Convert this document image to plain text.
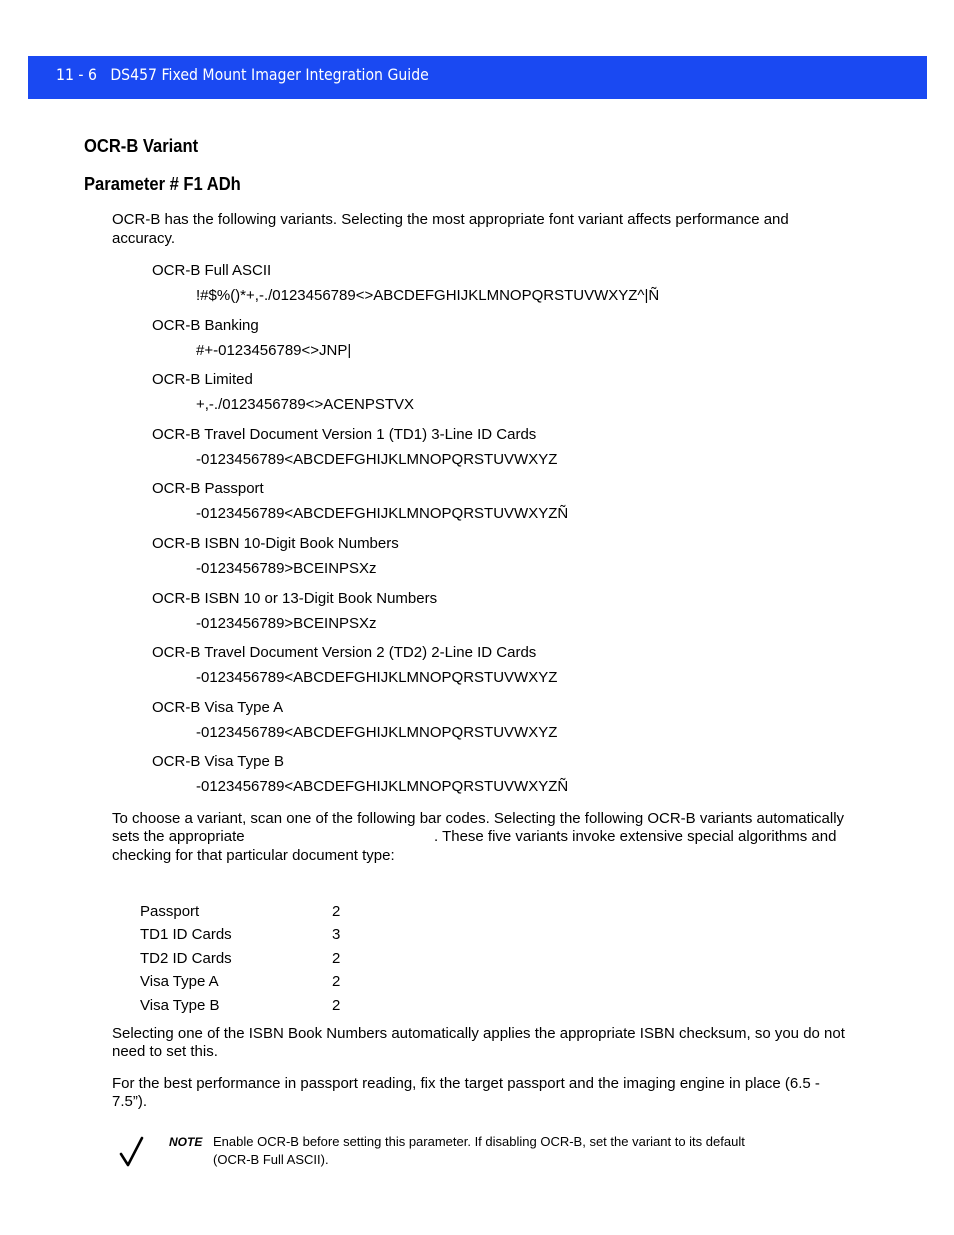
11 - 6 DS457 Fixed Mount Imager Integration Guide
OCR-B Variant
Parameter # F1 ADh
OCR-B has the following variants. Selecting the most appropriate font variant affects performance and
accuracy.
OCR-B Full ASCII
!#$%()*+,-./0123456789<>ABCDEFGHIJKLMNOPQRSTUVWXYZ^|Ñ
OCR-B Banking
#+-0123456789<>JNP|
OCR-B Limited
+,-./0123456789<>ACENPSTVX
OCR-B Travel Document Version 1 (TD1) 3-Line ID Cards
-0123456789<ABCDEFGHIJKLMNOPQRSTUVWXYZ
OCR-B Passport
-0123456789<ABCDEFGHIJKLMNOPQRSTUVWXYZÑ
OCR-B ISBN 10-Digit Book Numbers
-0123456789>BCEINPSXz
OCR-B ISBN 10 or 13-Digit Book Numbers
-0123456789>BCEINPSXz
OCR-B Travel Document Version 2 (TD2) 2-Line ID Cards
-0123456789<ABCDEFGHIJKLMNOPQRSTUVWXYZ
OCR-B Visa Type A
-0123456789<ABCDEFGHIJKLMNOPQRSTUVWXYZ
OCR-B Visa Type B
-0123456789<ABCDEFGHIJKLMNOPQRSTUVWXYZÑ
To choose a variant, scan one of the following bar codes. Selecting the following OCR-B variants automatically
sets the appropriate	. These five variants invoke extensive special algorithms and
checking for that particular document type:
Passport	2
TD1 ID Cards	3
TD2 ID Cards	2
Visa Type A	2
Visa Type B	2
Selecting one of the ISBN Book Numbers automatically applies the appropriate ISBN checksum, so you do not
need to set this.
For the best performance in passport reading, fix the target passport and the imaging engine in place (6.5 -
7.5”).
NOTE Enable OCR-B before setting this parameter. If disabling OCR-B, set the variant to its default
(OCR-B Full ASCII).
